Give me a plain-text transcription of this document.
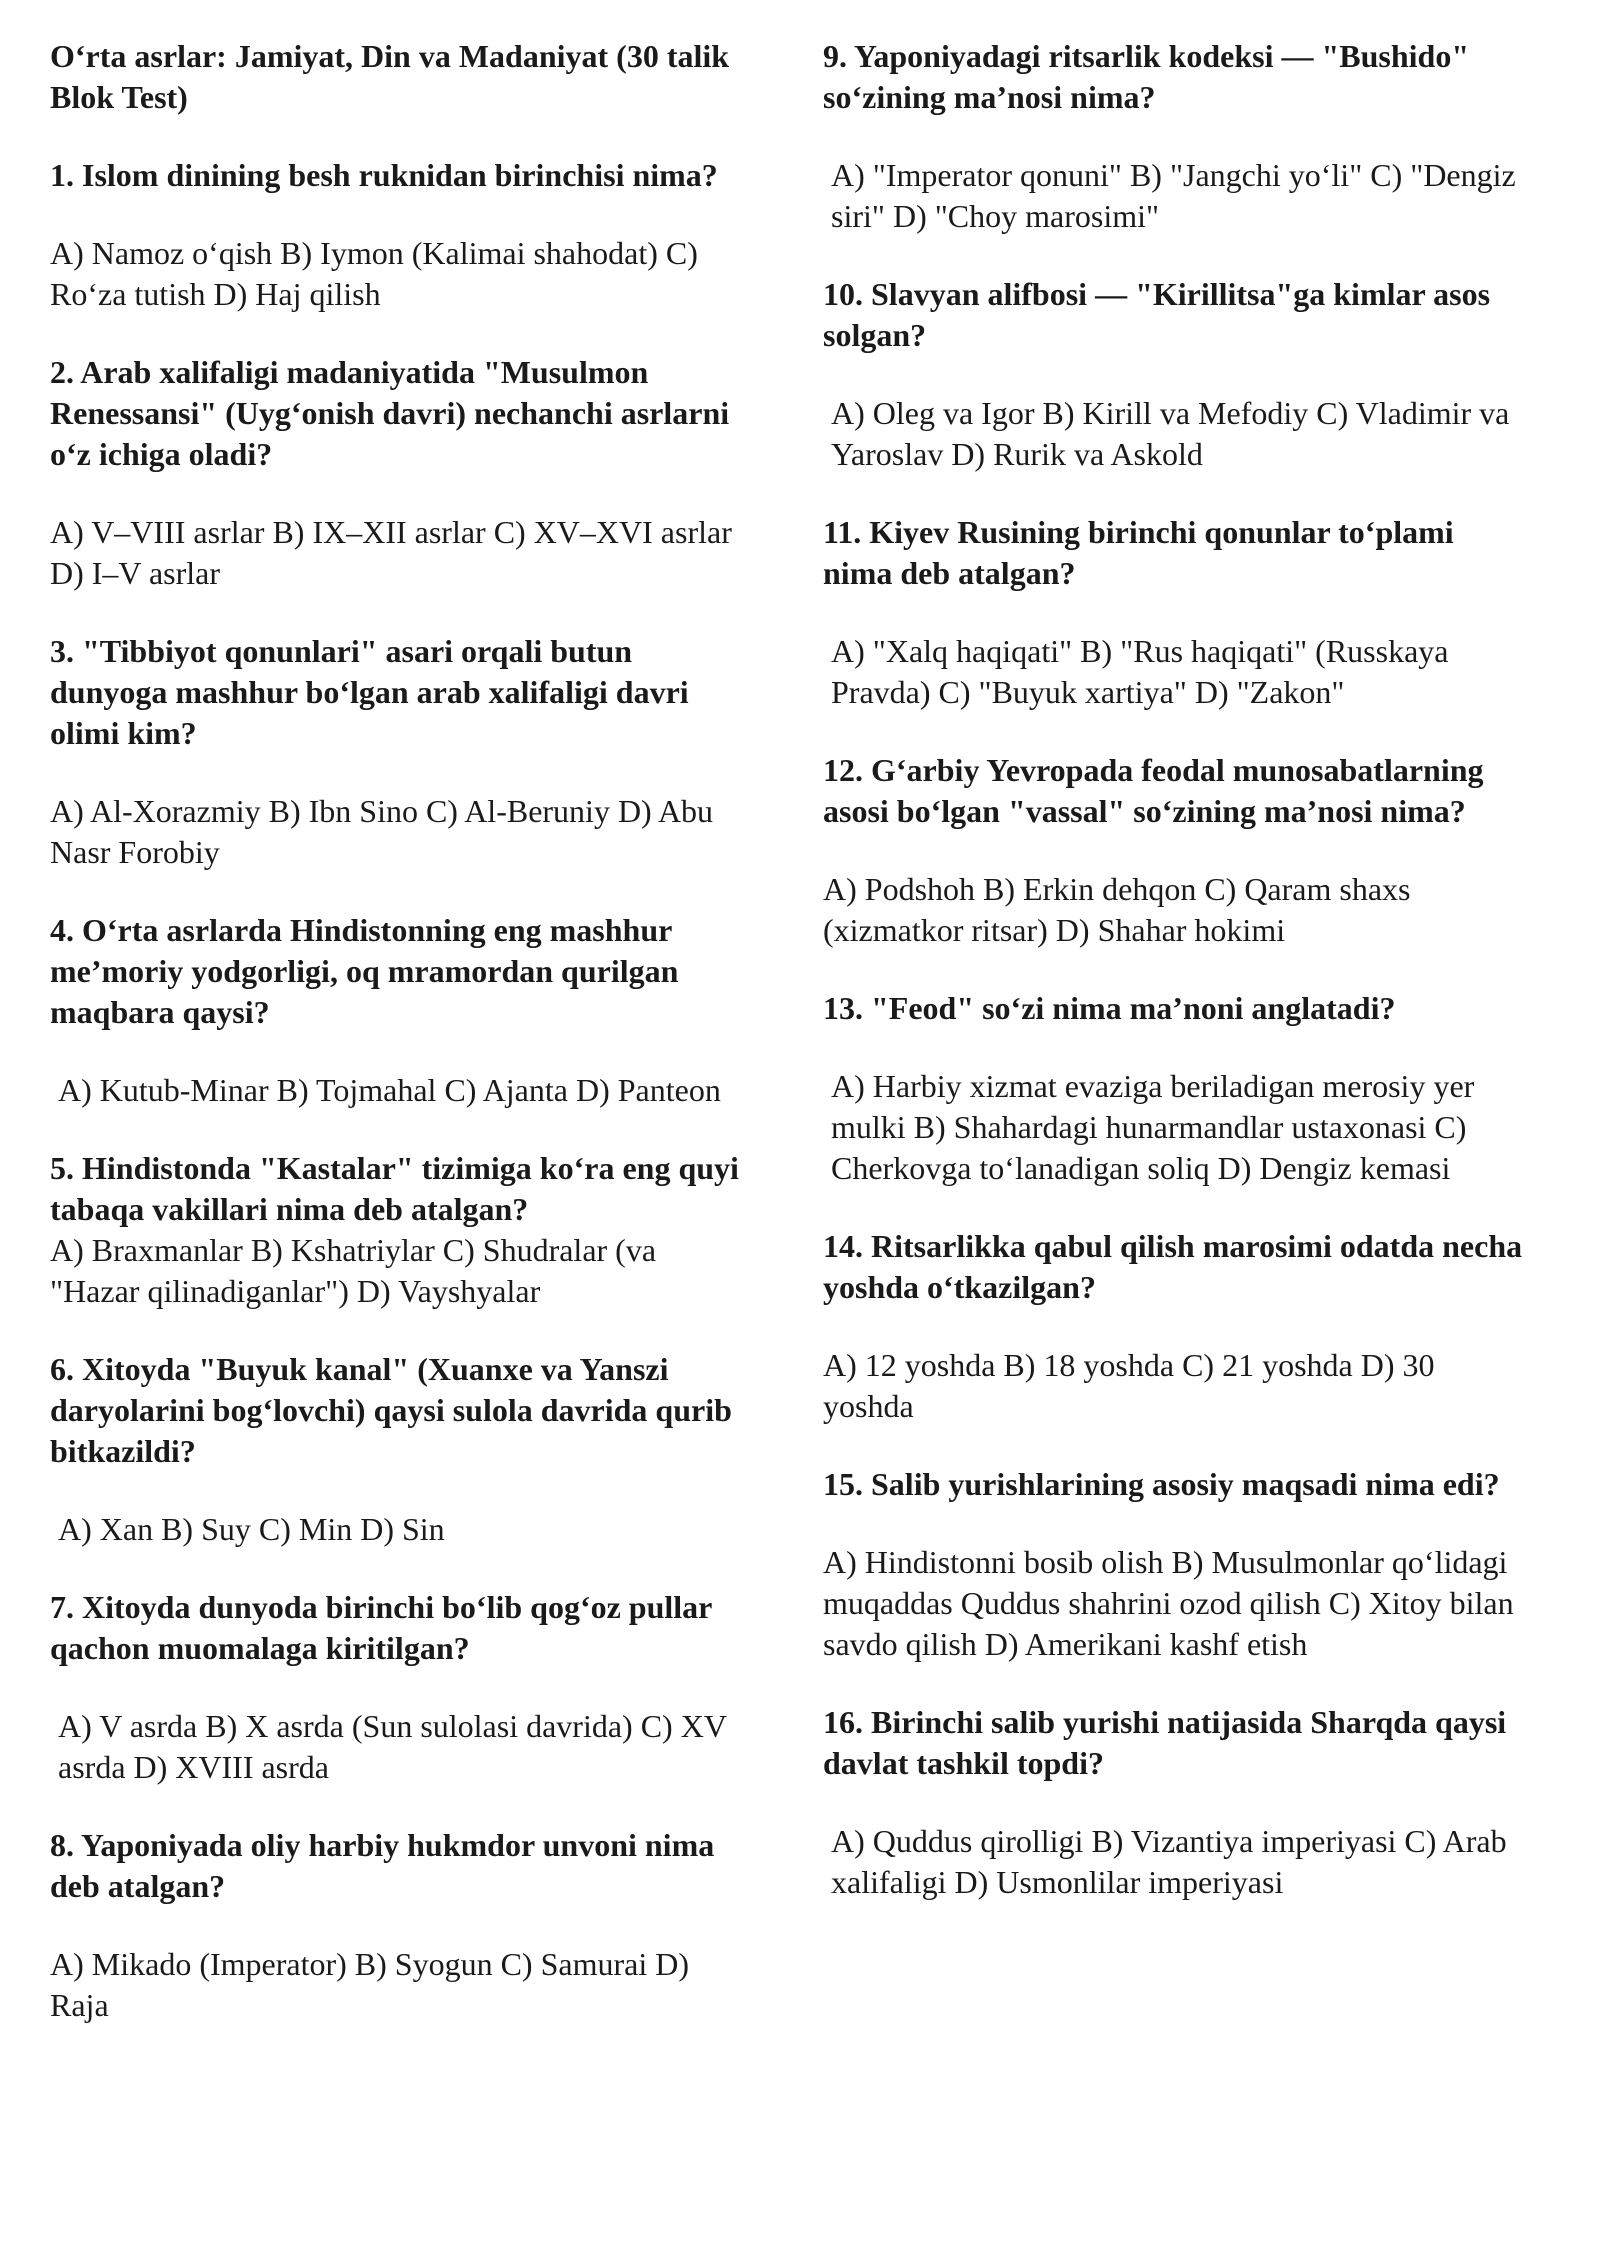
O‘rta asrlar: Jamiyat, Din va Madaniyat (30 talik Blok Test)

1. Islom dinining besh ruknidan birinchisi nima?

A) Namoz o‘qish B) Iymon (Kalimai shahodat) C) Ro‘za tutish D) Haj qilish

2. Arab xalifaligi madaniyatida "Musulmon Renessansi" (Uyg‘onish davri) nechanchi asrlarni o‘z ichiga oladi?

A) V–VIII asrlar B) IX–XII asrlar C) XV–XVI asrlar D) I–V asrlar

3. "Tibbiyot qonunlari" asari orqali butun dunyoga mashhur bo‘lgan arab xalifaligi davri olimi kim?

A) Al-Xorazmiy B) Ibn Sino C) Al-Beruniy D) Abu Nasr Forobiy

4. O‘rta asrlarda Hindistonning eng mashhur me’moriy yodgorligi, oq mramordan qurilgan maqbara qaysi?

A) Kutub-Minar B) Tojmahal C) Ajanta D) Panteon

5. Hindistonda "Kastalar" tizimiga ko‘ra eng quyi tabaqa vakillari nima deb atalgan?

A) Braxmanlar B) Kshatriylar C) Shudralar (va "Hazar qilinadiganlar") D) Vayshyalar

6. Xitoyda "Buyuk kanal" (Xuanxe va Yanszi daryolarini bog‘lovchi) qaysi sulola davrida qurib bitkazildi?

A) Xan B) Suy C) Min D) Sin

7. Xitoyda dunyoda birinchi bo‘lib qog‘oz pullar qachon muomalaga kiritilgan?

A) V asrda B) X asrda (Sun sulolasi davrida) C) XV asrda D) XVIII asrda

8. Yaponiyada oliy harbiy hukmdor unvoni nima deb atalgan?

A) Mikado (Imperator) B) Syogun C) Samurai D) Raja

9. Yaponiyadagi ritsarlik kodeksi — "Bushido" so‘zining ma’nosi nima?

A) "Imperator qonuni" B) "Jangchi yo‘li" C) "Dengiz siri" D) "Choy marosimi"

10. Slavyan alifbosi — "Kirillitsa"ga kimlar asos solgan?

A) Oleg va Igor B) Kirill va Mefodiy C) Vladimir va Yaroslav D) Rurik va Askold

11. Kiyev Rusining birinchi qonunlar to‘plami nima deb atalgan?

A) "Xalq haqiqati" B) "Rus haqiqati" (Russkaya Pravda) C) "Buyuk xartiya" D) "Zakon"

12. G‘arbiy Yevropada feodal munosabatlarning asosi bo‘lgan "vassal" so‘zining ma’nosi nima?

A) Podshoh B) Erkin dehqon C) Qaram shaxs (xizmatkor ritsar) D) Shahar hokimi

13. "Feod" so‘zi nima ma’noni anglatadi?

A) Harbiy xizmat evaziga beriladigan merosiy yer mulki B) Shahardagi hunarmandlar ustaxonasi C) Cherkovga to‘lanadigan soliq D) Dengiz kemasi

14. Ritsarlikka qabul qilish marosimi odatda necha yoshda o‘tkazilgan?

A) 12 yoshda B) 18 yoshda C) 21 yoshda D) 30 yoshda

15. Salib yurishlarining asosiy maqsadi nima edi?

A) Hindistonni bosib olish B) Musulmonlar qo‘lidagi muqaddas Quddus shahrini ozod qilish C) Xitoy bilan savdo qilish D) Amerikani kashf etish

16. Birinchi salib yurishi natijasida Sharqda qaysi davlat tashkil topdi?

A) Quddus qirolligi B) Vizantiya imperiyasi C) Arab xalifaligi D) Usmonlilar imperiyasi
